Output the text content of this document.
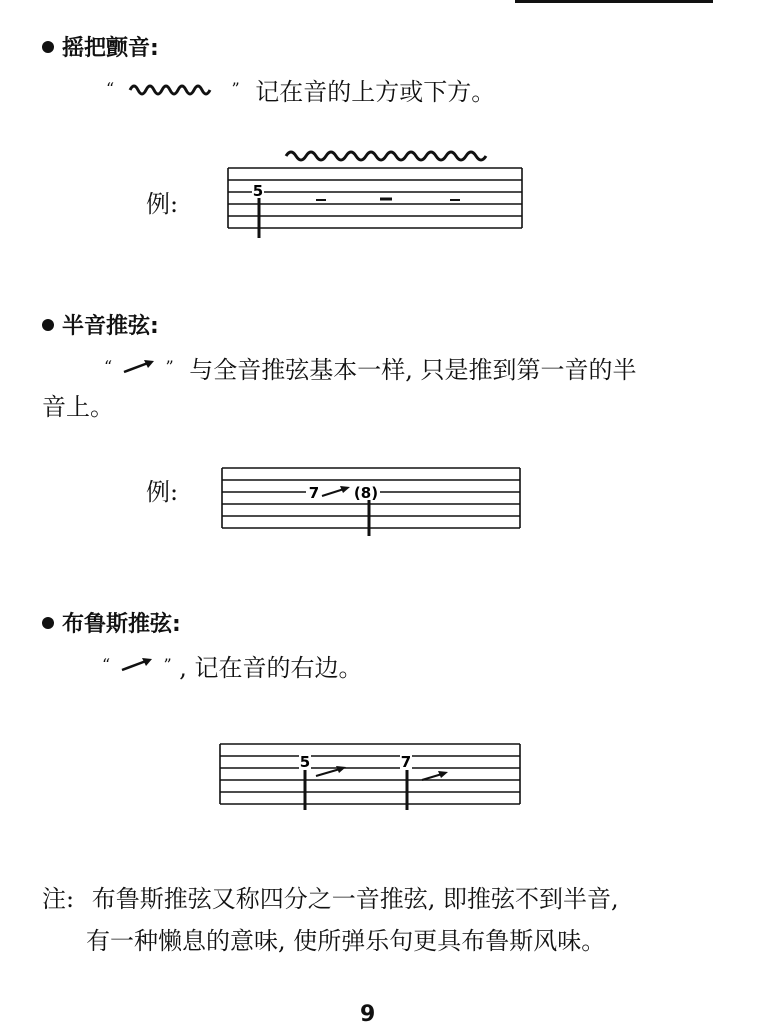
摇把颤音:
“	” 记在音的上方或下方。
例:	5
半音推弦:
“	” 与全音推弦基本一样, 只是推到第一音的半
音上。
例:	7 (8)
布鲁斯推弦:
“	” , 记在音的右边。
5	7
注: 布鲁斯推弦又称四分之一音推弦, 即推弦不到半音,
有一种懒息的意味, 使所弹乐句更具布鲁斯风味。
9
